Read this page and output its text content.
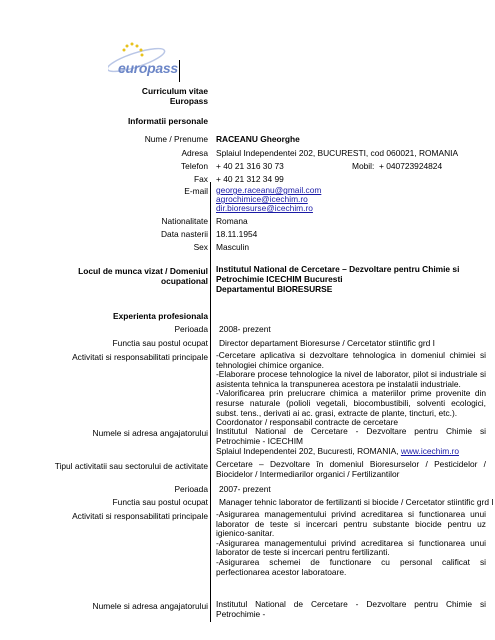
europass
Curriculum vitae
Europass
Informatii personale
Nume / Prenume RACEANU Gheorghe
Adresa Splaiul Independentei 202, BUCURESTI, cod 060021, ROMANIA
Telefon + 40 21 316 30 73	Mobil: + 040723924824
Fax + 40 21 312 34 99
E-mail george.raceanu@gmail.com
agrochimice@icechim.ro
dir.bioresurse@icechim.ro
Nationalitate Romana
Data nasterii 18.11.1954
Sex Masculin
Locul de munca vizat / Domeniul
ocupational
Institutul National de Cercetare – Dezvoltare pentru Chimie si
Petrochimie ICECHIM Bucuresti
Departamentul BIORESURSE
Experienta profesionala
Perioada 2008- prezent
Functia sau postul ocupat Director departament Bioresurse / Cercetator stiintific grd I
Activitati si responsabilitati principale -Cercetare aplicativa si dezvoltare tehnologica in domeniul chimiei si tehnologiei chimice organice.
-Elaborare procese tehnologice la nivel de laborator, pilot si industriale si asistenta tehnica la transpunerea acestora pe instalatii industriale.
-Valorificarea prin prelucrare chimica a materiilor prime provenite din resurse naturale (polioli vegetali, biocombustibili, solventi ecologici, subst. tens., derivati ai ac. grasi, extracte de plante, tincturi, etc.).
Coordonator / responsabil contracte de cercetare
Numele si adresa angajatorului Institutul National de Cercetare - Dezvoltare pentru Chimie si Petrochimie - ICECHIM
Splaiul Independentei 202, Bucuresti, ROMANIA, www.icechim.ro
Tipul activitatii sau sectorului de activitate Cercetare – Dezvoltare în domeniul Bioresurselor / Pesticidelor / Biocidelor / Intermediarilor organici / Fertilizantilor
Perioada 2007- prezent
Functia sau postul ocupat Manager tehnic laborator de fertilizanti si biocide / Cercetator stiintific grd I
Activitati si responsabilitati principale -Asigurarea managementului privind acreditarea si functionarea unui laborator de teste si incercari pentru substante biocide pentru uz igienico-sanitar.
-Asigurarea managementului privind acreditarea si functionarea unui laborator de teste si incercari pentru fertilizanti.
-Asigurarea schemei de functionare cu personal calificat si perfectionarea acestor laboratoare.
Numele si adresa angajatorului Institutul National de Cercetare - Dezvoltare pentru Chimie si Petrochimie -
